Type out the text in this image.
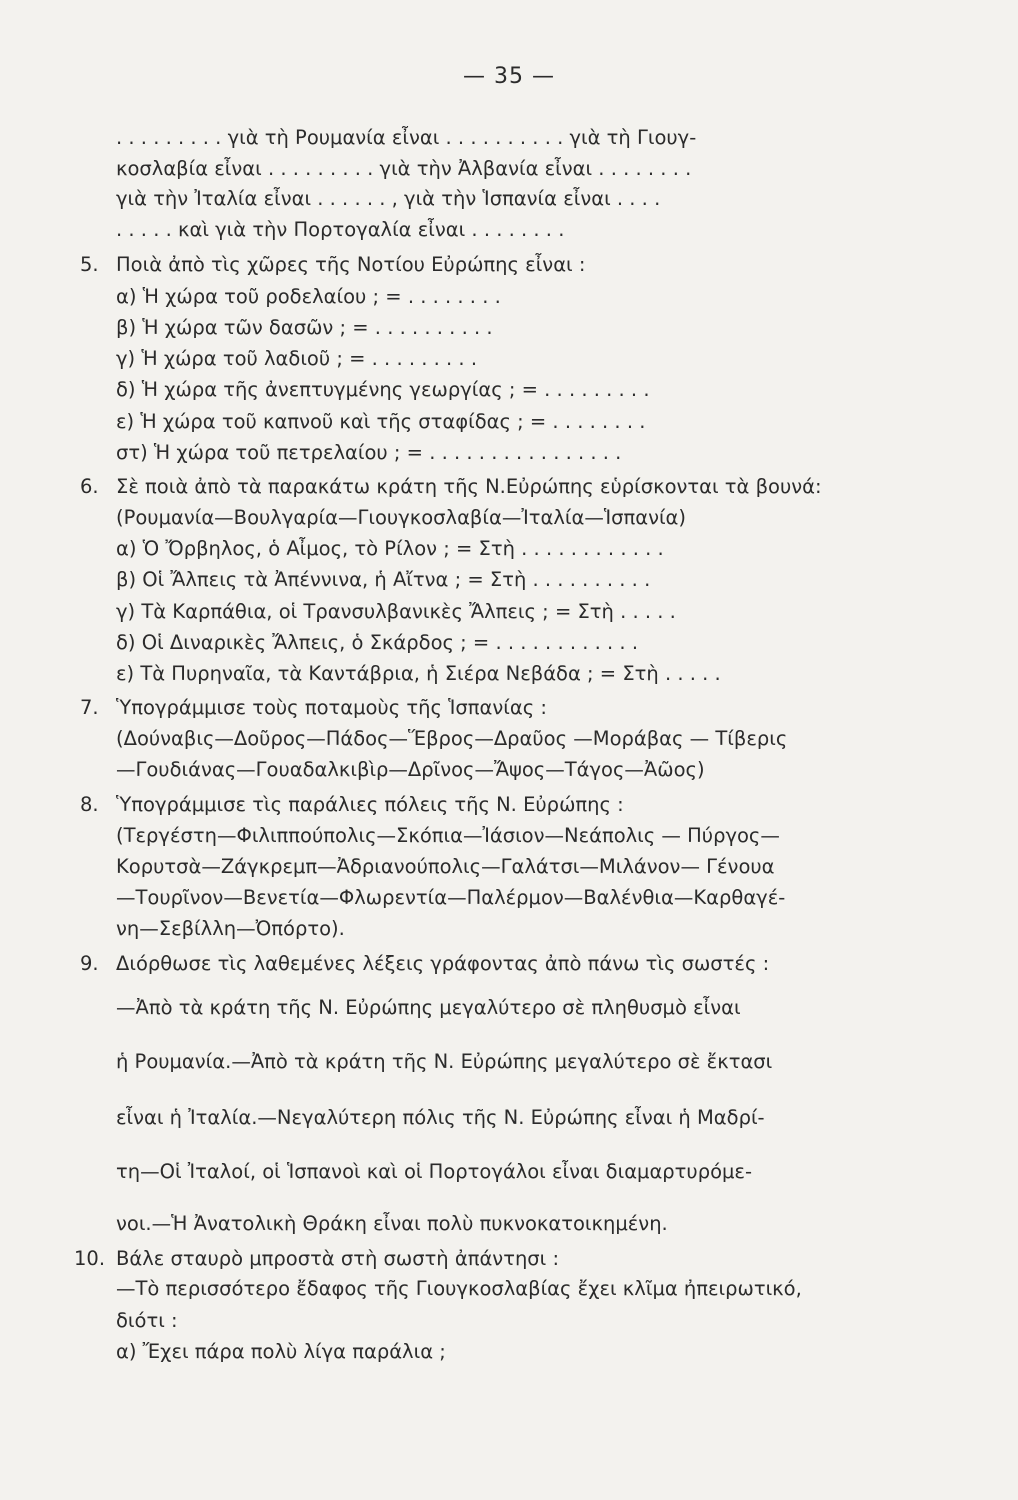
— 35 —
. . . . . . . . . γιὰ τὴ Ρουμανία εἶναι . . . . . . . . . . γιὰ τὴ Γιουγ-
κοσλαβία εἶναι . . . . . . . . . γιὰ τὴν Ἀλβανία εἶναι . . . . . . . .
γιὰ τὴν Ἰταλία εἶναι . . . . . . , γιὰ τὴν Ἱσπανία εἶναι . . . .
. . . . . καὶ γιὰ τὴν Πορτογαλία εἶναι . . . . . . . .
5. Ποιὰ ἀπὸ τὶς χῶρες τῆς Νοτίου Εὐρώπης εἶναι :
α) Ἡ χώρα τοῦ ροδελαίου ; = . . . . . . . .
β) Ἡ χώρα τῶν δασῶν ; = . . . . . . . . . .
γ) Ἡ χώρα τοῦ λαδιοῦ ; = . . . . . . . . .
δ) Ἡ χώρα τῆς ἀνεπτυγμένης γεωργίας ; = . . . . . . . . .
ε) Ἡ χώρα τοῦ καπνοῦ καὶ τῆς σταφίδας ; = . . . . . . . .
στ) Ἡ χώρα τοῦ πετρελαίου ; = . . . . . . . . . . . . . . . .
6. Σὲ ποιὰ ἀπὸ τὰ παρακάτω κράτη τῆς Ν.Εὐρώπης εὑρίσκονται τὰ βουνά:
(Ρουμανία—Βουλγαρία—Γιουγκοσλαβία—Ἰταλία—Ἱσπανία)
α) Ὁ Ὄρβηλος, ὁ Αἶμος, τὸ Ρίλον ; = Στὴ . . . . . . . . . . . .
β) Οἱ Ἄλπεις τὰ Ἀπέννινα, ἡ Αἴτνα ; = Στὴ . . . . . . . . . .
γ) Τὰ Καρπάθια, οἱ Τρανσυλβανικὲς Ἄλπεις ; = Στὴ . . . . .
δ) Οἱ Διναρικὲς Ἄλπεις, ὁ Σκάρδος ; = . . . . . . . . . . . .
ε) Τὰ Πυρηναῖα, τὰ Καντάβρια, ἡ Σιέρα Νεβάδα ; = Στὴ . . . . .
7. Ὑπογράμμισε τοὺς ποταμοὺς τῆς Ἱσπανίας :
(Δούναβις—Δοῦρος—Πάδος—Ἕβρος—Δραῦος —Μοράβας — Τίβερις
—Γουδιάνας—Γουαδαλκιβὶρ—Δρῖνος—Ἄψος—Τάγος—Ἀῶος)
8. Ὑπογράμμισε τὶς παράλιες πόλεις τῆς Ν. Εὐρώπης :
(Τεργέστη—Φιλιππούπολις—Σκόπια—Ἰάσιον—Νεάπολις — Πύργος—
Κορυτσὰ—Ζάγκρεμπ—Ἀδριανούπολις—Γαλάτσι—Μιλάνον— Γένουα
—Τουρῖνον—Βενετία—Φλωρεντία—Παλέρμον—Βαλένθια—Καρθαγέ-
νη—Σεβίλλη—Ὀπόρτο).
9. Διόρθωσε τὶς λαθεμένες λέξεις γράφοντας ἀπὸ πάνω τὶς σωστές :
—Ἀπὸ τὰ κράτη τῆς Ν. Εὐρώπης μεγαλύτερο σὲ πληθυσμὸ εἶναι
ἡ Ρουμανία.—Ἀπὸ τὰ κράτη τῆς Ν. Εὐρώπης μεγαλύτερο σὲ ἔκτασι
εἶναι ἡ Ἰταλία.—Νεγαλύτερη πόλις τῆς Ν. Εὐρώπης εἶναι ἡ Μαδρί-
τη—Οἱ Ἰταλοί, οἱ Ἱσπανοὶ καὶ οἱ Πορτογάλοι εἶναι διαμαρτυρόμε-
νοι.—Ἡ Ἀνατολικὴ Θράκη εἶναι πολὺ πυκνοκατοικημένη.
10. Βάλε σταυρὸ μπροστὰ στὴ σωστὴ ἀπάντησι :
—Τὸ περισσότερο ἔδαφος τῆς Γιουγκοσλαβίας ἔχει κλῖμα ἠπειρωτικό,
διότι :
α) Ἔχει πάρα πολὺ λίγα παράλια ;
